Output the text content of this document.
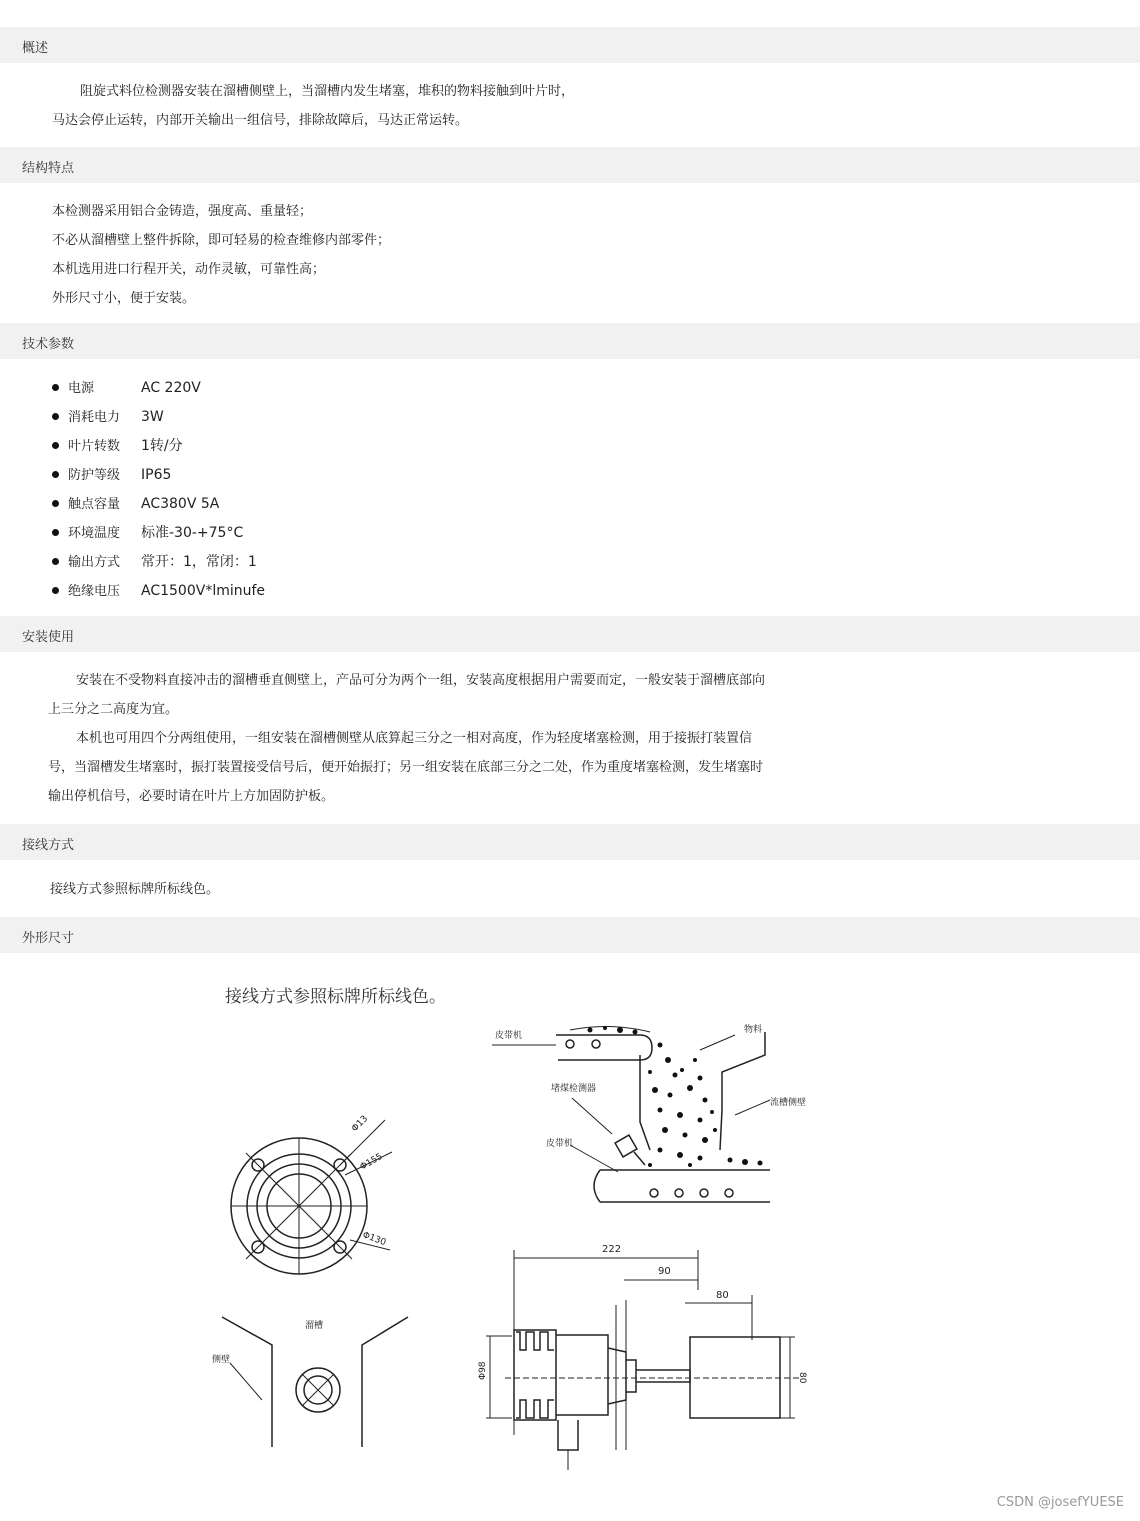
概述
阻旋式料位检测器安装在溜槽侧壁上，当溜槽内发生堵塞，堆积的物料接触到叶片时，
马达会停止运转，内部开关输出一组信号，排除故障后，马达正常运转。
结构特点
本检测器采用铝合金铸造，强度高、重量轻；
不必从溜槽壁上整件拆除，即可轻易的检查维修内部零件；
本机选用进口行程开关，动作灵敏，可靠性高；
外形尺寸小，便于安装。
技术参数
电源	AC 220V
消耗电力 3W
叶片转数 1转/分
防护等级 IP65
触点容量 AC380V 5A
环境温度 标准-30-+75°C
输出方式 常开：1，常闭：1
绝缘电压 AC1500V*lminufe
安装使用
安装在不受物料直接冲击的溜槽垂直侧壁上，产品可分为两个一组，安装高度根据用户需要而定，一般安装于溜槽底部向
上三分之二高度为宜。
本机也可用四个分两组使用，一组安装在溜槽侧壁从底算起三分之一相对高度，作为轻度堵塞检测，用于接振打装置信
号，当溜槽发生堵塞时，振打装置接受信号后，便开始振打；另一组安装在底部三分之二处，作为重度堵塞检测，发生堵塞时
输出停机信号，必要时请在叶片上方加固防护板。
接线方式
接线方式参照标牌所标线色。
外形尺寸
接线方式参照标牌所标线色。
皮带机
物料
堵煤检测器
流槽侧壁
皮带机
Φ13
Φ155
Φ130
溜槽
侧壁
222
90
80
Φ98	80
CSDN @josefYUESE
